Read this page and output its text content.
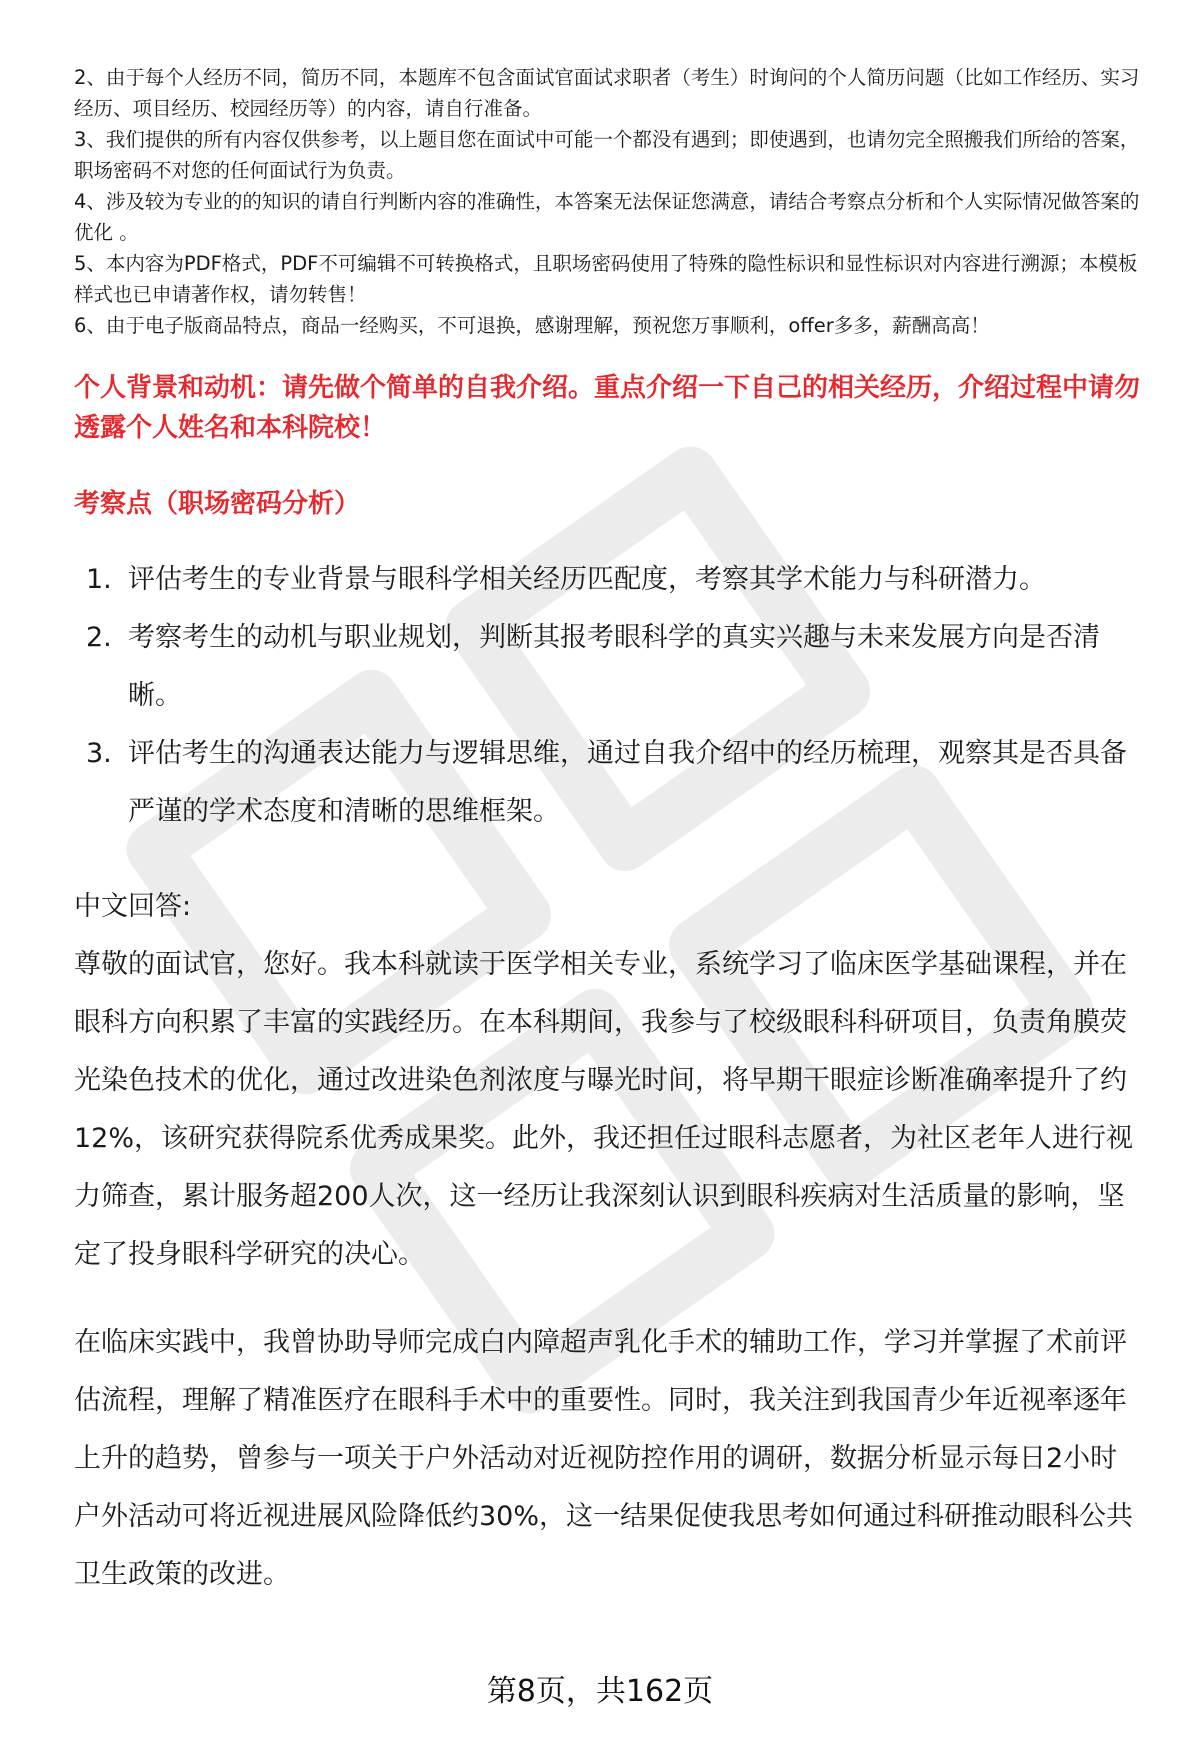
2、由于每个人经历不同，简历不同，本题库不包含面试官面试求职者（考生）时询问的个人简历问题（比如工作经历、实习经历、项目经历、校园经历等）的内容，请自行准备。

3、我们提供的所有内容仅供参考，以上题目您在面试中可能一个都没有遇到；即使遇到，也请勿完全照搬我们所给的答案，职场密码不对您的任何面试行为负责。

4、涉及较为专业的的知识的请自行判断内容的准确性，本答案无法保证您满意，请结合考察点分析和个人实际情况做答案的优化 。

5、本内容为PDF格式，PDF不可编辑不可转换格式，且职场密码使用了特殊的隐性标识和显性标识对内容进行溯源；本模板样式也已申请著作权，请勿转售！

6、由于电子版商品特点，商品一经购买，不可退换，感谢理解，预祝您万事顺利，offer多多，薪酬高高！

个人背景和动机：请先做个简单的自我介绍。重点介绍一下自己的相关经历，介绍过程中请勿透露个人姓名和本科院校！
考察点（职场密码分析）
1. 评估考生的专业背景与眼科学相关经历匹配度，考察其学术能力与科研潜力。
2. 考察考生的动机与职业规划，判断其报考眼科学的真实兴趣与未来发展方向是否清晰。
3. 评估考生的沟通表达能力与逻辑思维，通过自我介绍中的经历梳理，观察其是否具备严谨的学术态度和清晰的思维框架。

中文回答:

尊敬的面试官，您好。我本科就读于医学相关专业，系统学习了临床医学基础课程，并在眼科方向积累了丰富的实践经历。在本科期间，我参与了校级眼科科研项目，负责角膜荧光染色技术的优化，通过改进染色剂浓度与曝光时间，将早期干眼症诊断准确率提升了约12%，该研究获得院系优秀成果奖。此外，我还担任过眼科志愿者，为社区老年人进行视力筛查，累计服务超200人次，这一经历让我深刻认识到眼科疾病对生活质量的影响，坚定了投身眼科学研究的决心。

在临床实践中，我曾协助导师完成白内障超声乳化手术的辅助工作，学习并掌握了术前评估流程，理解了精准医疗在眼科手术中的重要性。同时，我关注到我国青少年近视率逐年上升的趋势，曾参与一项关于户外活动对近视防控作用的调研，数据分析显示每日2小时户外活动可将近视进展风险降低约30%，这一结果促使我思考如何通过科研推动眼科公共卫生政策的改进。

第8页，共162页
